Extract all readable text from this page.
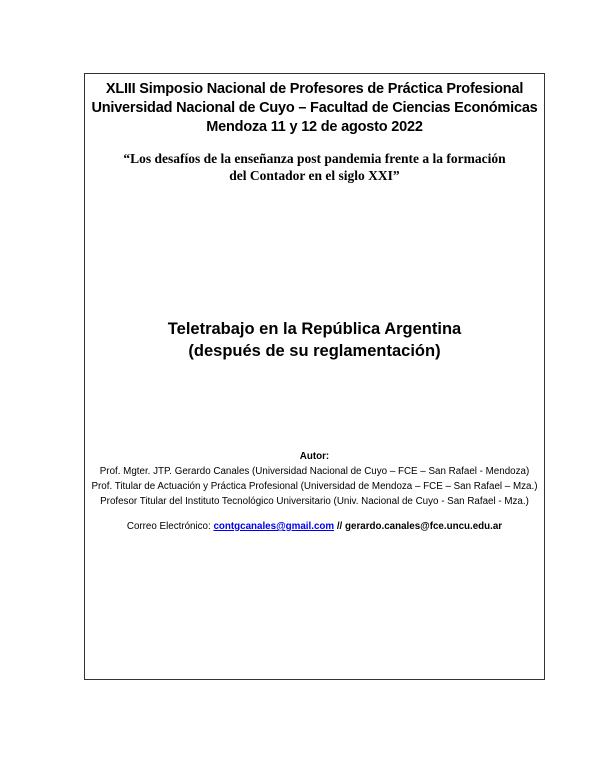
XLIII Simposio Nacional de Profesores de Práctica Profesional
Universidad Nacional de Cuyo – Facultad de Ciencias Económicas
Mendoza 11 y 12 de agosto 2022
“Los desafíos de la enseñanza post pandemia frente a la formación
del Contador en el siglo XXI”
Teletrabajo en la República Argentina
(después de su reglamentación)
Autor:
Prof. Mgter. JTP. Gerardo Canales (Universidad Nacional de Cuyo – FCE – San Rafael - Mendoza)
Prof. Titular de Actuación y Práctica Profesional (Universidad de Mendoza – FCE – San Rafael – Mza.)
Profesor Titular del Instituto Tecnológico Universitario (Univ. Nacional de Cuyo - San Rafael - Mza.)
Correo Electrónico: contgcanales@gmail.com // gerardo.canales@fce.uncu.edu.ar
